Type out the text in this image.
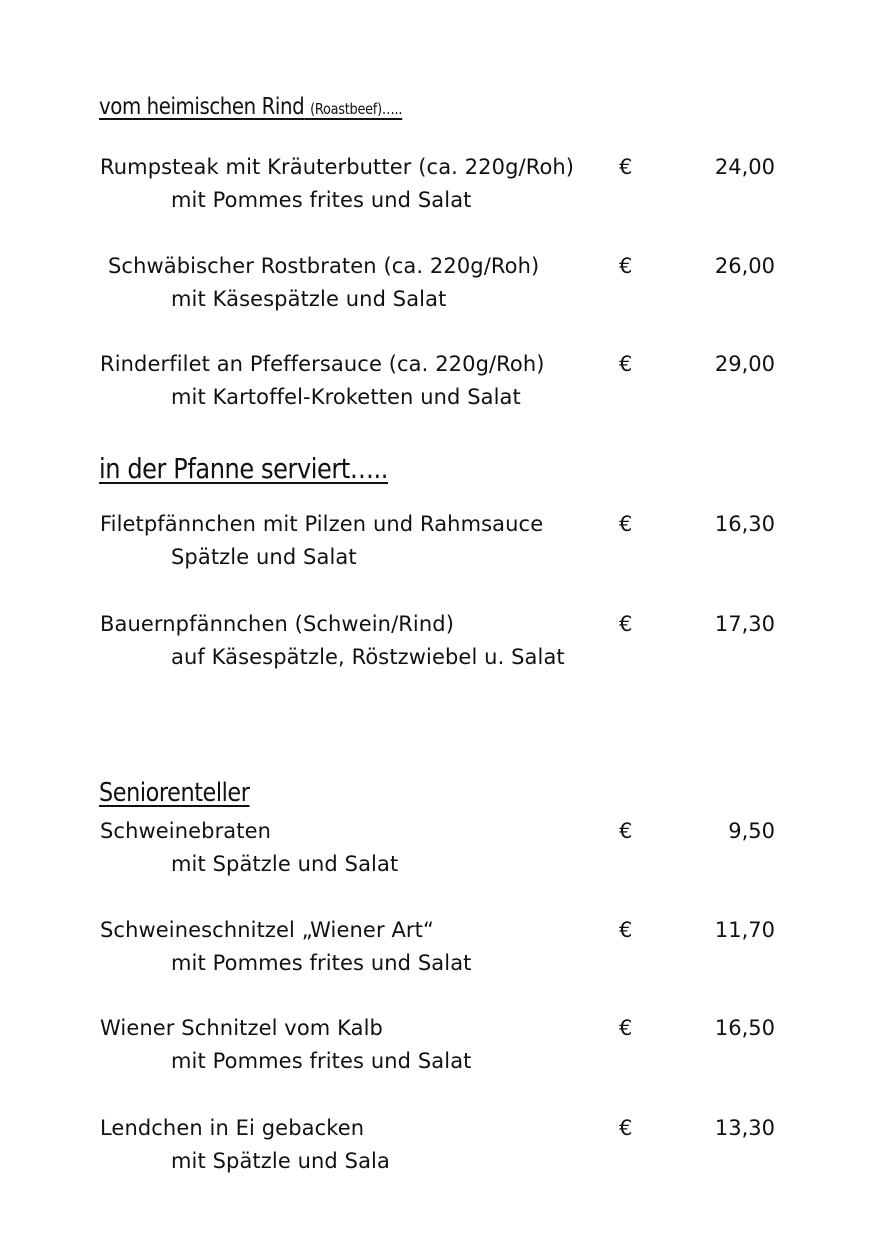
vom heimischen Rind (Roastbeef)…..
Rumpsteak mit Kräuterbutter (ca. 220g/Roh)
mit Pommes frites und Salat
€	24,00
Schwäbischer Rostbraten (ca. 220g/Roh)
mit Käsespätzle und Salat
€	26,00
Rinderfilet an Pfeffersauce (ca. 220g/Roh)
mit Kartoffel-Kroketten und Salat
€	29,00
in der Pfanne serviert…..
Filetpfännchen mit Pilzen und Rahmsauce
Spätzle und Salat
€	16,30
Bauernpfännchen (Schwein/Rind)
auf Käsespätzle, Röstzwiebel u. Salat
€	17,30
Seniorenteller
Schweinebraten
mit Spätzle und Salat
€	9,50
Schweineschnitzel „Wiener Art“
mit Pommes frites und Salat
€	11,70
Wiener Schnitzel vom Kalb
mit Pommes frites und Salat
€	16,50
Lendchen in Ei gebacken
mit Spätzle und Sala
€	13,30
